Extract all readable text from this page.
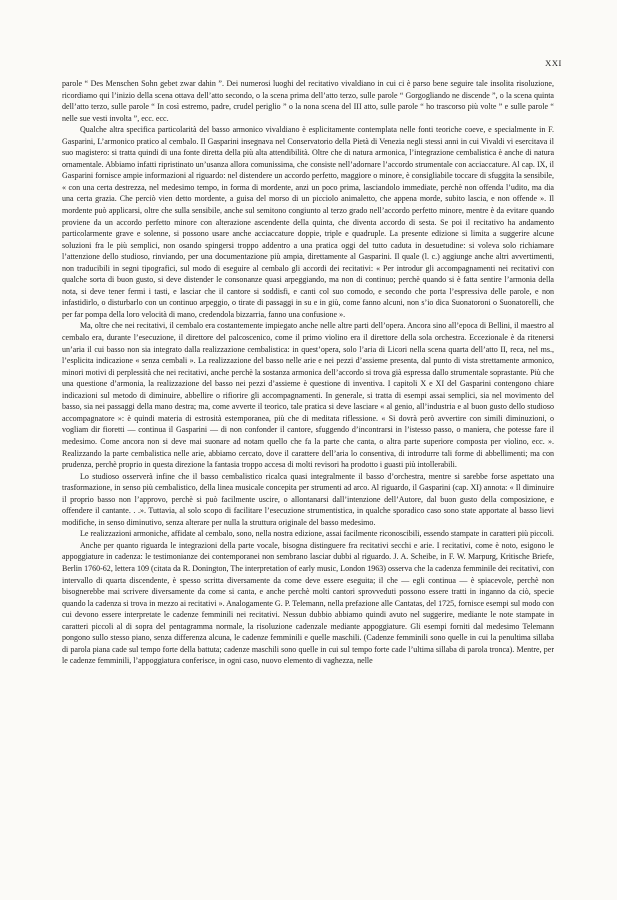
XXI

parole “ Des Menschen Sohn gebet zwar dahin ”. Dei numerosi luoghi del recitativo vivaldiano in cui ci è parso bene seguire tale insolita risoluzione, ricordiamo qui l’inizio della scena ottava dell’atto secondo, o la scena prima dell’atto terzo, sulle parole “ Gorgogliando ne discende ”, o la scena quinta dell’atto terzo, sulle parole “ In così estremo, padre, crudel periglio ” o la nona scena del III atto, sulle parole “ ho trascorso più volte ” e sulle parole “ nelle sue vesti involta ”, ecc. ecc.

Qualche altra specifica particolarità del basso armonico vivaldiano è esplicitamente contemplata nelle fonti teoriche coeve, e specialmente in F. Gasparini, L’armonico pratico al cembalo. Il Gasparini insegnava nel Conservatorio della Pietà di Venezia negli stessi anni in cui Vivaldi vi esercitava il suo magistero: si tratta quindi di una fonte diretta della più alta attendibilità. Oltre che di natura armonica, l’integrazione cembalistica è anche di natura ornamentale. Abbiamo infatti ripristinato un’usanza allora comunissima, che consiste nell’adornare l’accordo strumentale con acciaccature. Al cap. IX, il Gasparini fornisce ampie informazioni al riguardo: nel distendere un accordo perfetto, maggiore o minore, è consigliabile toccare di sfuggita la sensibile, « con una certa destrezza, nel medesimo tempo, in forma di mordente, anzi un poco prima, lasciandolo immediate, perchè non offenda l’udito, ma dia una certa grazia. Che perciò vien detto mordente, a guisa del morso di un picciolo animaletto, che appena morde, subito lascia, e non offende ». Il mordente può applicarsi, oltre che sulla sensibile, anche sul semitono congiunto al terzo grado nell’accordo perfetto minore, mentre è da evitare quando proviene da un accordo perfetto minore con alterazione ascendente della quinta, che diventa accordo di sesta. Se poi il recitativo ha andamento particolarmente grave e solenne, si possono usare anche acciaccature doppie, triple e quadruple. La presente edizione si limita a suggerire alcune soluzioni fra le più semplici, non osando spingersi troppo addentro a una pratica oggi del tutto caduta in desuetudine: si voleva solo richiamare l’attenzione dello studioso, rinviando, per una documentazione più ampia, direttamente al Gasparini. Il quale (l. c.) aggiunge anche altri avvertimenti, non traducibili in segni tipografici, sul modo di eseguire al cembalo gli accordi dei recitativi: « Per introdur gli accompagnamenti nei recitativi con qualche sorta di buon gusto, si deve distender le consonanze quasi arpeggiando, ma non di continuo; perchè quando si è fatta sentire l’armonia della nota, si deve tener fermi i tasti, e lasciar che il cantore si soddisfi, e canti col suo comodo, e secondo che porta l’espressiva delle parole, e non infastidirlo, o disturbarlo con un continuo arpeggio, o tirate di passaggi in su e in giù, come fanno alcuni, non s’io dica Suonatoroni o Suonatorelli, che per far pompa della loro velocità di mano, credendola bizzarria, fanno una confusione ».

Ma, oltre che nei recitativi, il cembalo era costantemente impiegato anche nelle altre parti dell’opera. Ancora sino all’epoca di Bellini, il maestro al cembalo era, durante l’esecuzione, il direttore del palcoscenico, come il primo violino era il direttore della sola orchestra. Eccezionale è da ritenersi un’aria il cui basso non sia integrato dalla realizzazione cembalistica: in quest’opera, solo l’aria di Licori nella scena quarta dell’atto II, reca, nel ms., l’esplicita indicazione « senza cembali ». La realizzazione del basso nelle arie e nei pezzi d’assieme presenta, dal punto di vista strettamente armonico, minori motivi di perplessità che nei recitativi, anche perchè la sostanza armonica dell’accordo si trova già espressa dallo strumentale soprastante. Più che una questione d’armonia, la realizzazione del basso nei pezzi d’assieme è questione di inventiva. I capitoli X e XI del Gasparini contengono chiare indicazioni sul metodo di diminuire, abbellire o rifiorire gli accompagnamenti. In generale, si tratta di esempi assai semplici, sia nel movimento del basso, sia nei passaggi della mano destra; ma, come avverte il teorico, tale pratica si deve lasciare « al genio, all’industria e al buon gusto dello studioso accompagnatore »: è quindi materia di estrosità estemporanea, più che di meditata riflessione. « Si dovrà però avvertire con simili diminuzioni, o vogliam dir fioretti — continua il Gasparini — di non confonder il cantore, sfuggendo d’incontrarsi in l’istesso passo, o maniera, che potesse fare il medesimo. Come ancora non si deve mai suonare ad notam quello che fa la parte che canta, o altra parte superiore composta per violino, ecc. ». Realizzando la parte cembalistica nelle arie, abbiamo cercato, dove il carattere dell’aria lo consentiva, di introdurre tali forme di abbellimenti; ma con prudenza, perchè proprio in questa direzione la fantasia troppo accesa di molti revisori ha prodotto i guasti più intollerabili.

Lo studioso osserverà infine che il basso cembalistico ricalca quasi integralmente il basso d’orchestra, mentre si sarebbe forse aspettato una trasformazione, in senso più cembalistico, della linea musicale concepita per strumenti ad arco. Al riguardo, il Gasparini (cap. XI) annota: « Il diminuire il proprio basso non l’approvo, perchè si può facilmente uscire, o allontanarsi dall’intenzione dell’Autore, dal buon gusto della composizione, e offendere il cantante. . .». Tuttavia, al solo scopo di facilitare l’esecuzione strumentistica, in qualche sporadico caso sono state apportate al basso lievi modifiche, in senso diminutivo, senza alterare per nulla la struttura originale del basso medesimo.

Le realizzazioni armoniche, affidate al cembalo, sono, nella nostra edizione, assai facilmente riconoscibili, essendo stampate in caratteri più piccoli.

Anche per quanto riguarda le integrazioni della parte vocale, bisogna distinguere fra recitativi secchi e arie. I recitativi, come è noto, esigono le appoggiature in cadenza: le testimonianze dei contemporanei non sembrano lasciar dubbi al riguardo. J. A. Scheibe, in F. W. Marpurg, Kritische Briefe, Berlin 1760-62, lettera 109 (citata da R. Donington, The interpretation of early music, London 1963) osserva che la cadenza femminile dei recitativi, con intervallo di quarta discendente, è spesso scritta diversamente da come deve essere eseguita; il che — egli continua — è spiacevole, perchè non bisognerebbe mai scrivere diversamente da come si canta, e anche perchè molti cantori sprovveduti possono essere tratti in inganno da ciò, specie quando la cadenza si trova in mezzo ai recitativi ». Analogamente G. P. Telemann, nella prefazione alle Cantatas, del 1725, fornisce esempi sul modo con cui devono essere interpretate le cadenze femminili nei recitativi. Nessun dubbio abbiamo quindi avuto nel suggerire, mediante le note stampate in caratteri piccoli al di sopra del pentagramma normale, la risoluzione cadenzale mediante appoggiature. Gli esempi forniti dal medesimo Telemann pongono sullo stesso piano, senza differenza alcuna, le cadenze femminili e quelle maschili. (Cadenze femminili sono quelle in cui la penultima sillaba di parola piana cade sul tempo forte della battuta; cadenze maschili sono quelle in cui sul tempo forte cade l’ultima sillaba di parola tronca). Mentre, per le cadenze femminili, l’appoggiatura conferisce, in ogni caso, nuovo elemento di vaghezza, nelle
